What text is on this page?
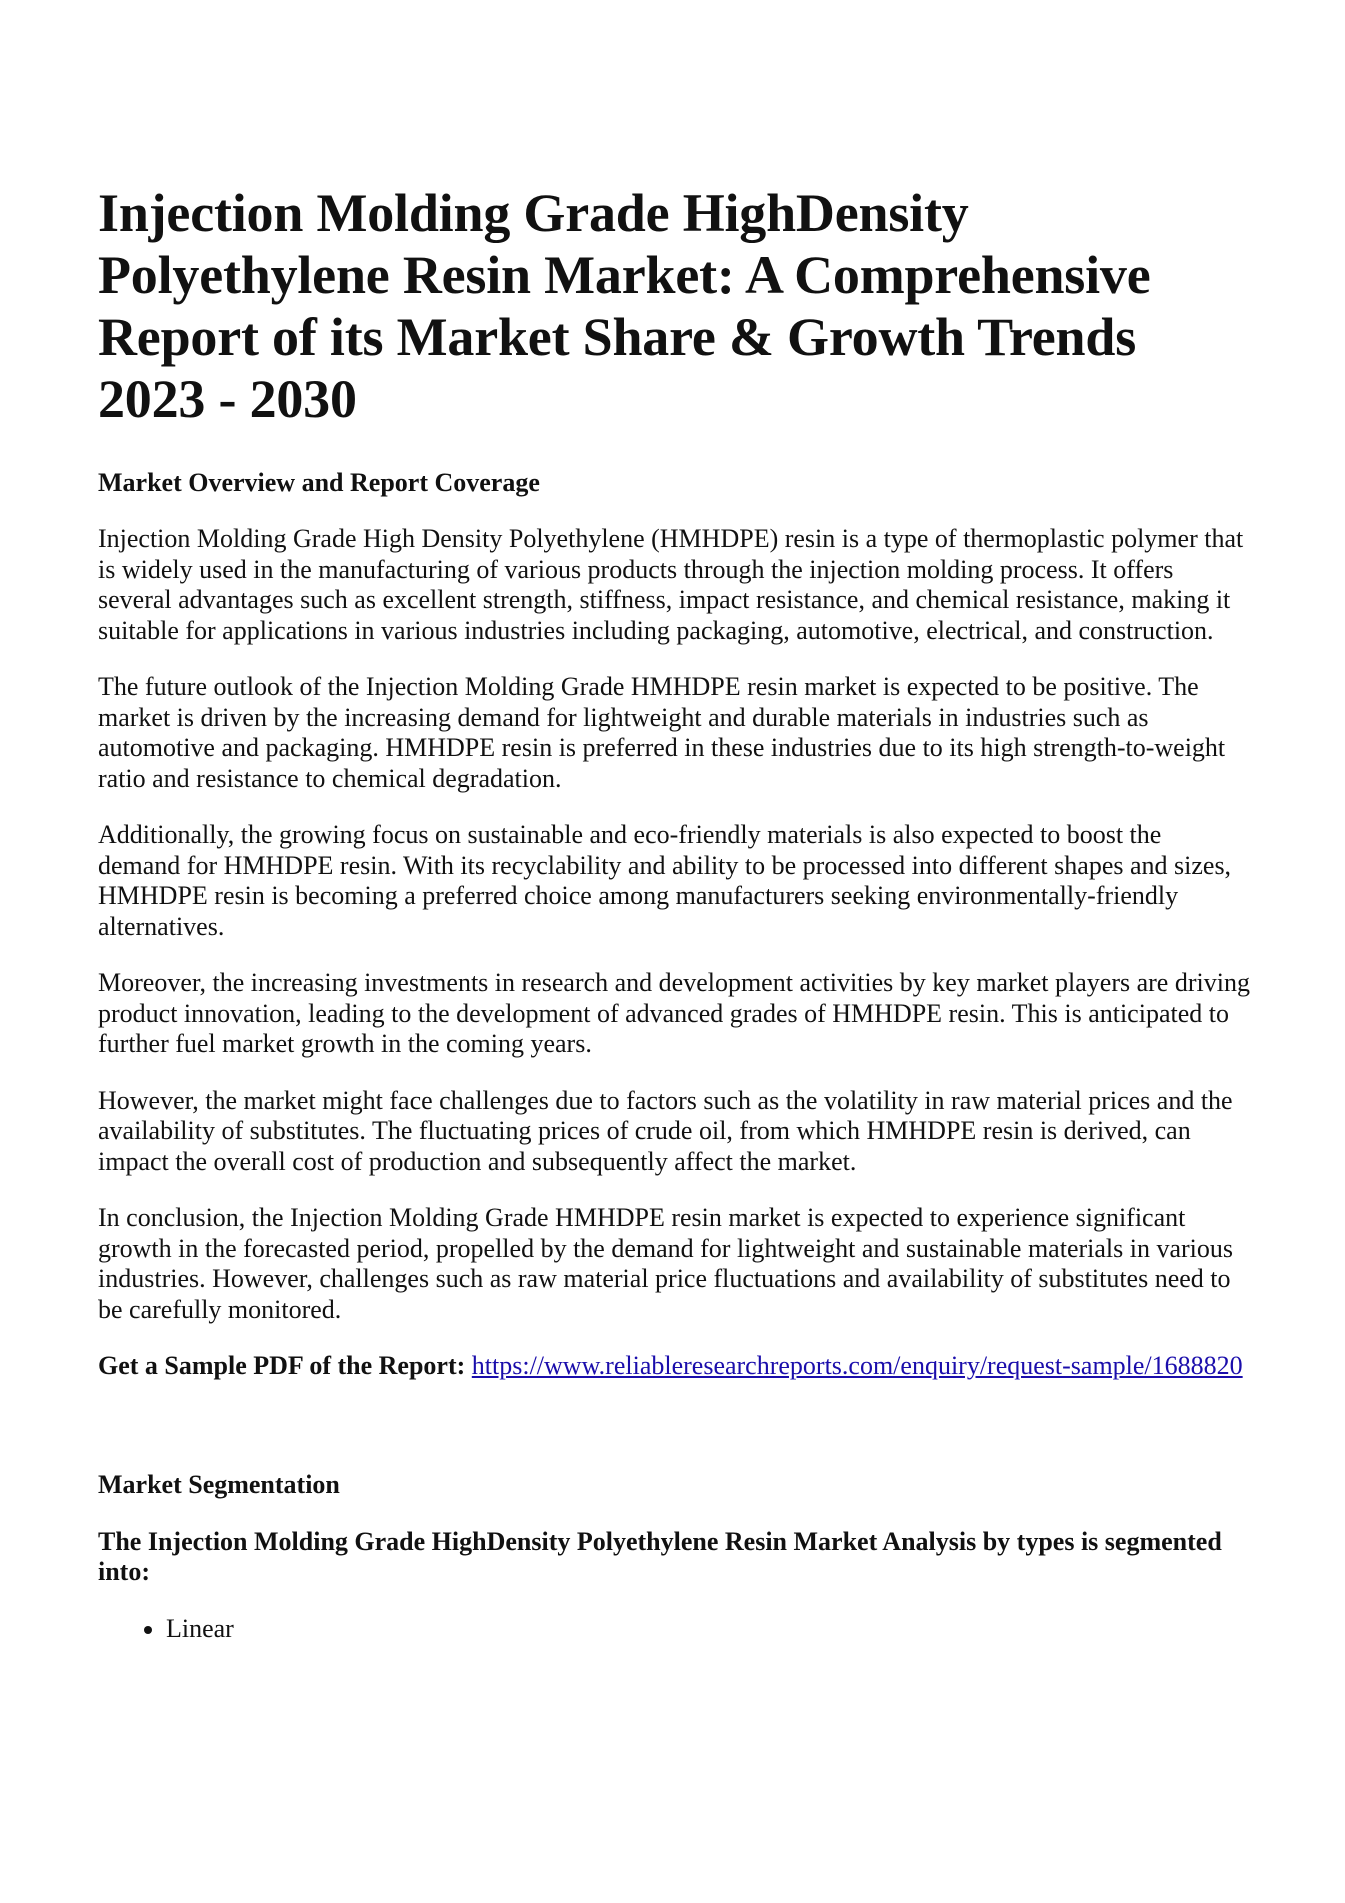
Injection Molding Grade HighDensity Polyethylene Resin Market: A Comprehensive Report of its Market Share & Growth Trends 2023 - 2030
Market Overview and Report Coverage

Injection Molding Grade High Density Polyethylene (HMHDPE) resin is a type of thermoplastic polymer that is widely used in the manufacturing of various products through the injection molding process. It offers several advantages such as excellent strength, stiffness, impact resistance, and chemical resistance, making it suitable for applications in various industries including packaging, automotive, electrical, and construction.

The future outlook of the Injection Molding Grade HMHDPE resin market is expected to be positive. The market is driven by the increasing demand for lightweight and durable materials in industries such as automotive and packaging. HMHDPE resin is preferred in these industries due to its high strength-to-weight ratio and resistance to chemical degradation.

Additionally, the growing focus on sustainable and eco-friendly materials is also expected to boost the demand for HMHDPE resin. With its recyclability and ability to be processed into different shapes and sizes, HMHDPE resin is becoming a preferred choice among manufacturers seeking environmentally-friendly alternatives.

Moreover, the increasing investments in research and development activities by key market players are driving product innovation, leading to the development of advanced grades of HMHDPE resin. This is anticipated to further fuel market growth in the coming years.

However, the market might face challenges due to factors such as the volatility in raw material prices and the availability of substitutes. The fluctuating prices of crude oil, from which HMHDPE resin is derived, can impact the overall cost of production and subsequently affect the market.

In conclusion, the Injection Molding Grade HMHDPE resin market is expected to experience significant growth in the forecasted period, propelled by the demand for lightweight and sustainable materials in various industries. However, challenges such as raw material price fluctuations and availability of substitutes need to be carefully monitored.

Get a Sample PDF of the Report: https://www.reliableresearchreports.com/enquiry/request-sample/1688820
Market Segmentation
The Injection Molding Grade HighDensity Polyethylene Resin Market Analysis by types is segmented into:
• Linear
